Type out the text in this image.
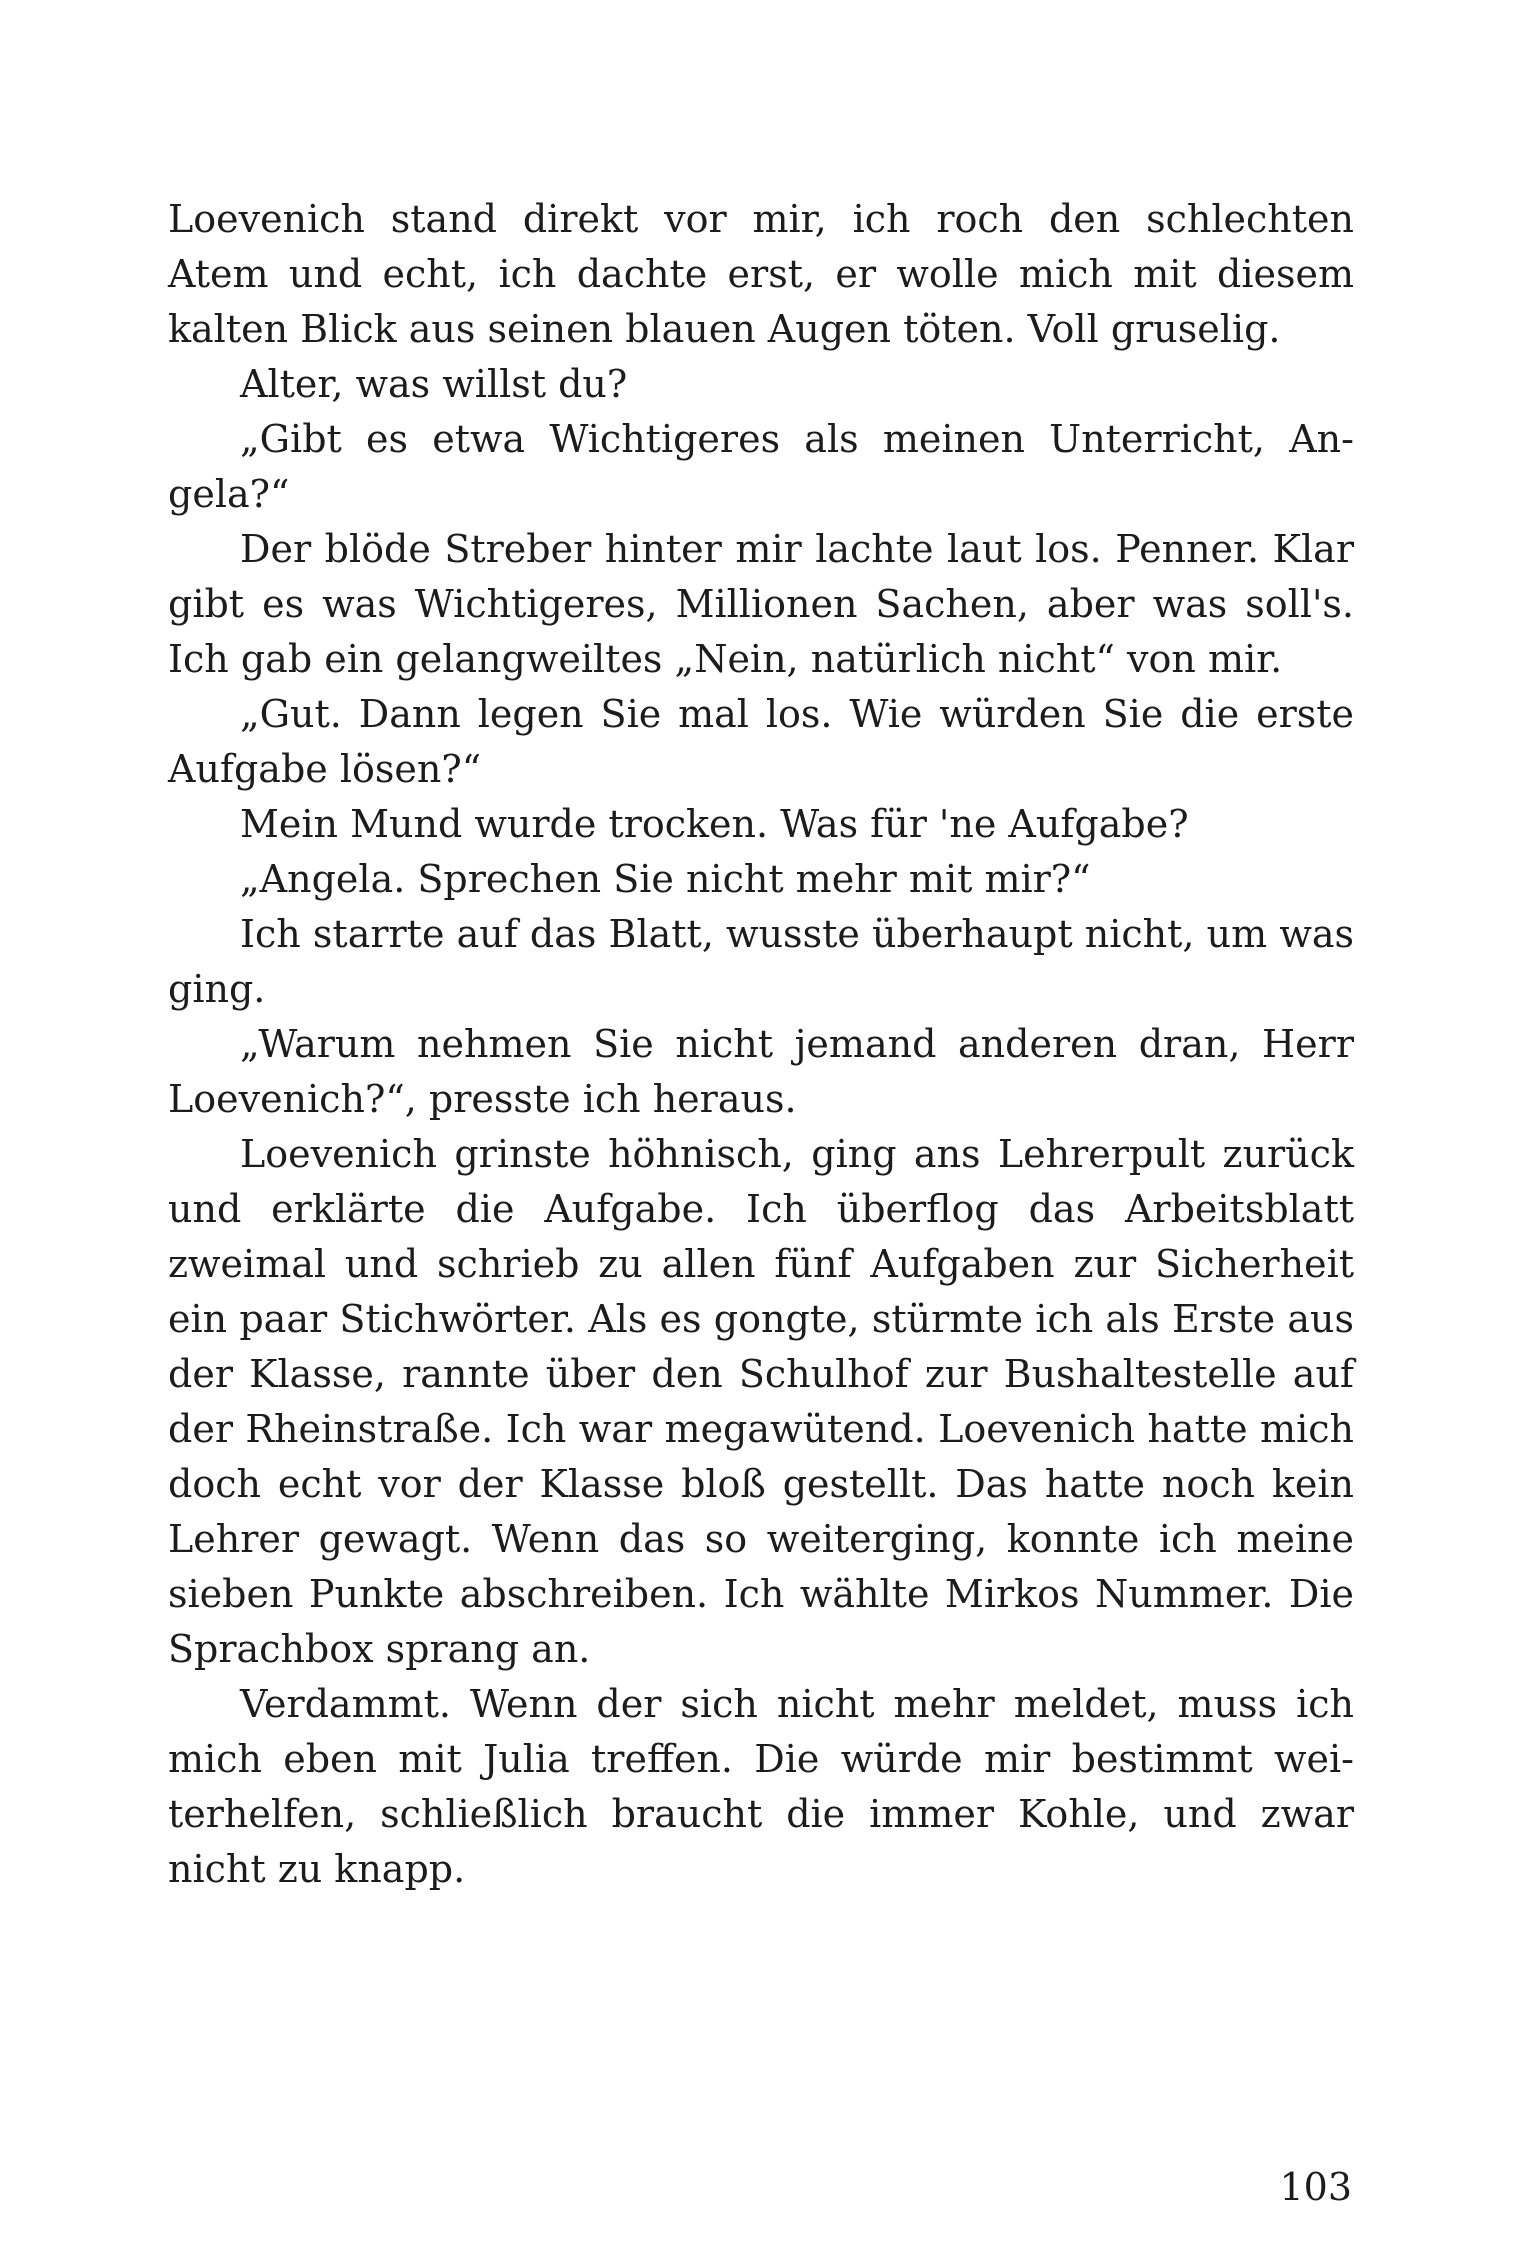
Loevenich stand direkt vor mir, ich roch den schlechten Atem und echt, ich dachte erst, er wolle mich mit diesem kalten Blick aus seinen blauen Augen töten. Voll gruselig.

Alter, was willst du?

„Gibt es etwa Wichtigeres als meinen Unterricht, Angela?“

Der blöde Streber hinter mir lachte laut los. Penner. Klar gibt es was Wichtigeres, Millionen Sachen, aber was soll's. Ich gab ein gelangweiltes „Nein, natürlich nicht“ von mir.

„Gut. Dann legen Sie mal los. Wie würden Sie die erste Aufgabe lösen?“

Mein Mund wurde trocken. Was für 'ne Aufgabe?

„Angela. Sprechen Sie nicht mehr mit mir?“

Ich starrte auf das Blatt, wusste überhaupt nicht, um was ging.

„Warum nehmen Sie nicht jemand anderen dran, Herr Loevenich?“, presste ich heraus.

Loevenich grinste höhnisch, ging ans Lehrerpult zurück und erklärte die Aufgabe. Ich überflog das Arbeitsblatt zweimal und schrieb zu allen fünf Aufgaben zur Sicherheit ein paar Stichwörter. Als es gongte, stürmte ich als Erste aus der Klasse, rannte über den Schulhof zur Bushaltestelle auf der Rheinstraße. Ich war megawütend. Loevenich hatte mich doch echt vor der Klasse bloß gestellt. Das hatte noch kein Lehrer gewagt. Wenn das so weiterging, konnte ich meine sieben Punkte abschreiben. Ich wählte Mirkos Nummer. Die Sprachbox sprang an.

Verdammt. Wenn der sich nicht mehr meldet, muss ich mich eben mit Julia treffen. Die würde mir bestimmt weiterhelfen, schließlich braucht die immer Kohle, und zwar nicht zu knapp.

103
